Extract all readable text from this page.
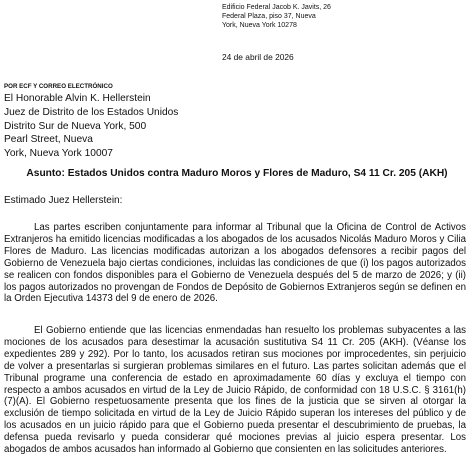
Edificio Federal Jacob K. Javits, 26
Federal Plaza, piso 37, Nueva
York, Nueva York 10278
24 de abril de 2026
POR ECF Y CORREO ELECTRÓNICO
El Honorable Alvin K. Hellerstein
Juez de Distrito de los Estados Unidos
Distrito Sur de Nueva York, 500
Pearl Street, Nueva
York, Nueva York 10007
Asunto: Estados Unidos contra Maduro Moros y Flores de Maduro, S4 11 Cr. 205 (AKH)
Estimado Juez Hellerstein:

Las partes escriben conjuntamente para informar al Tribunal que la Oficina de Control de Activos Extranjeros ha emitido licencias modificadas a los abogados de los acusados Nicolás Maduro Moros y Cilia Flores de Maduro. Las licencias modificadas autorizan a los abogados defensores a recibir pagos del Gobierno de Venezuela bajo ciertas condiciones, incluidas las condiciones de que (i) los pagos autorizados se realicen con fondos disponibles para el Gobierno de Venezuela después del 5 de marzo de 2026; y (ii) los pagos autorizados no provengan de Fondos de Depósito de Gobiernos Extranjeros según se definen en la Orden Ejecutiva 14373 del 9 de enero de 2026.

El Gobierno entiende que las licencias enmendadas han resuelto los problemas subyacentes a las mociones de los acusados para desestimar la acusación sustitutiva S4 11 Cr. 205 (AKH). (Véanse los expedientes 289 y 292). Por lo tanto, los acusados retiran sus mociones por improcedentes, sin perjuicio de volver a presentarlas si surgieran problemas similares en el futuro. Las partes solicitan además que el Tribunal programe una conferencia de estado en aproximadamente 60 días y excluya el tiempo con respecto a ambos acusados en virtud de la Ley de Juicio Rápido, de conformidad con 18 U.S.C. § 3161(h)(7)(A). El Gobierno respetuosamente presenta que los fines de la justicia que se sirven al otorgar la exclusión de tiempo solicitada en virtud de la Ley de Juicio Rápido superan los intereses del público y de los acusados en un juicio rápido para que el Gobierno pueda presentar el descubrimiento de pruebas, la defensa pueda revisarlo y pueda considerar qué mociones previas al juicio espera presentar. Los abogados de ambos acusados han informado al Gobierno que consienten en las solicitudes anteriores.
